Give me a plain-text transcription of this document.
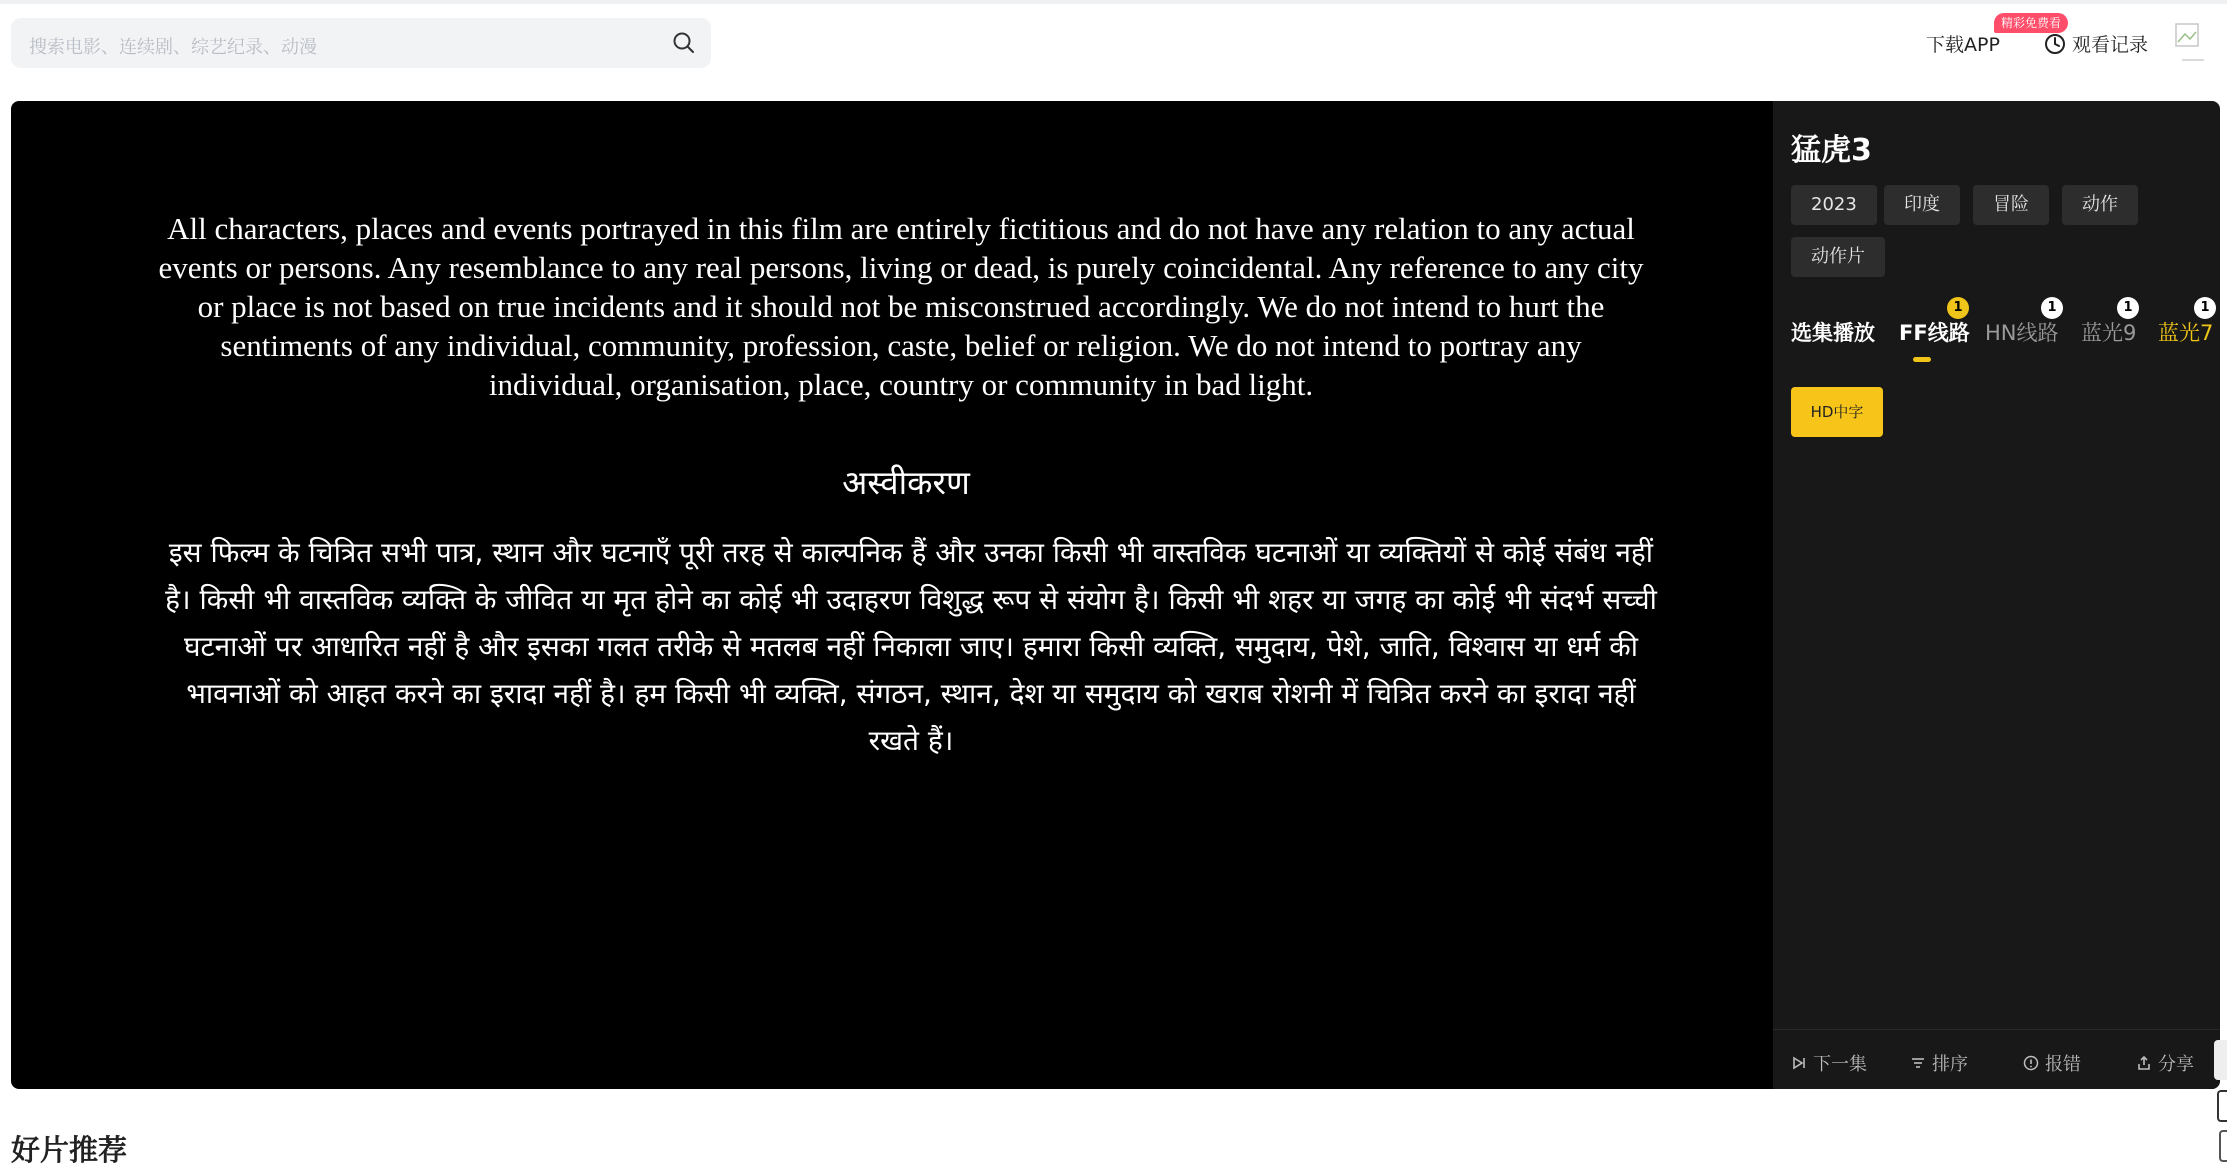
搜索电影、连续剧、综艺纪录、动漫	下载APP
精彩免费看
观看记录
All characters, places and events portrayed in this film are entirely fictitious and do not have any relation to any actual events or persons. Any resemblance to any real persons, living or dead, is purely coincidental. Any reference to any city or place is not based on true incidents and it should not be misconstrued accordingly. We do not intend to hurt the sentiments of any individual, community, profession, caste, belief or religion. We do not intend to portray any individual, organisation, place, country or community in bad light.
अस्वीकरण
इस फिल्म के चित्रित सभी पात्र, स्थान और घटनाएँ पूरी तरह से काल्पनिक हैं और उनका किसी भी वास्तविक घटनाओं या व्यक्तियों से कोई संबंध नहीं है। किसी भी वास्तविक व्यक्ति के जीवित या मृत होने का कोई भी उदाहरण विशुद्ध रूप से संयोग है। किसी भी शहर या जगह का कोई भी संदर्भ सच्ची घटनाओं पर आधारित नहीं है और इसका गलत तरीके से मतलब नहीं निकाला जाए। हमारा किसी व्यक्ति, समुदाय, पेशे, जाति, विश्वास या धर्म की भावनाओं को आहत करने का इरादा नहीं है। हम किसी भी व्यक्ति, संगठन, स्थान, देश या समुदाय को खराब रोशनी में चित्रित करने का इरादा नहीं रखते हैं।
猛虎3
2023	印度	冒险	动作
动作片
选集播放 FF线路
1
HN线路
1
蓝光9
1
蓝光7
1
HD中字
下一集	排序	报错	分享
好片推荐
